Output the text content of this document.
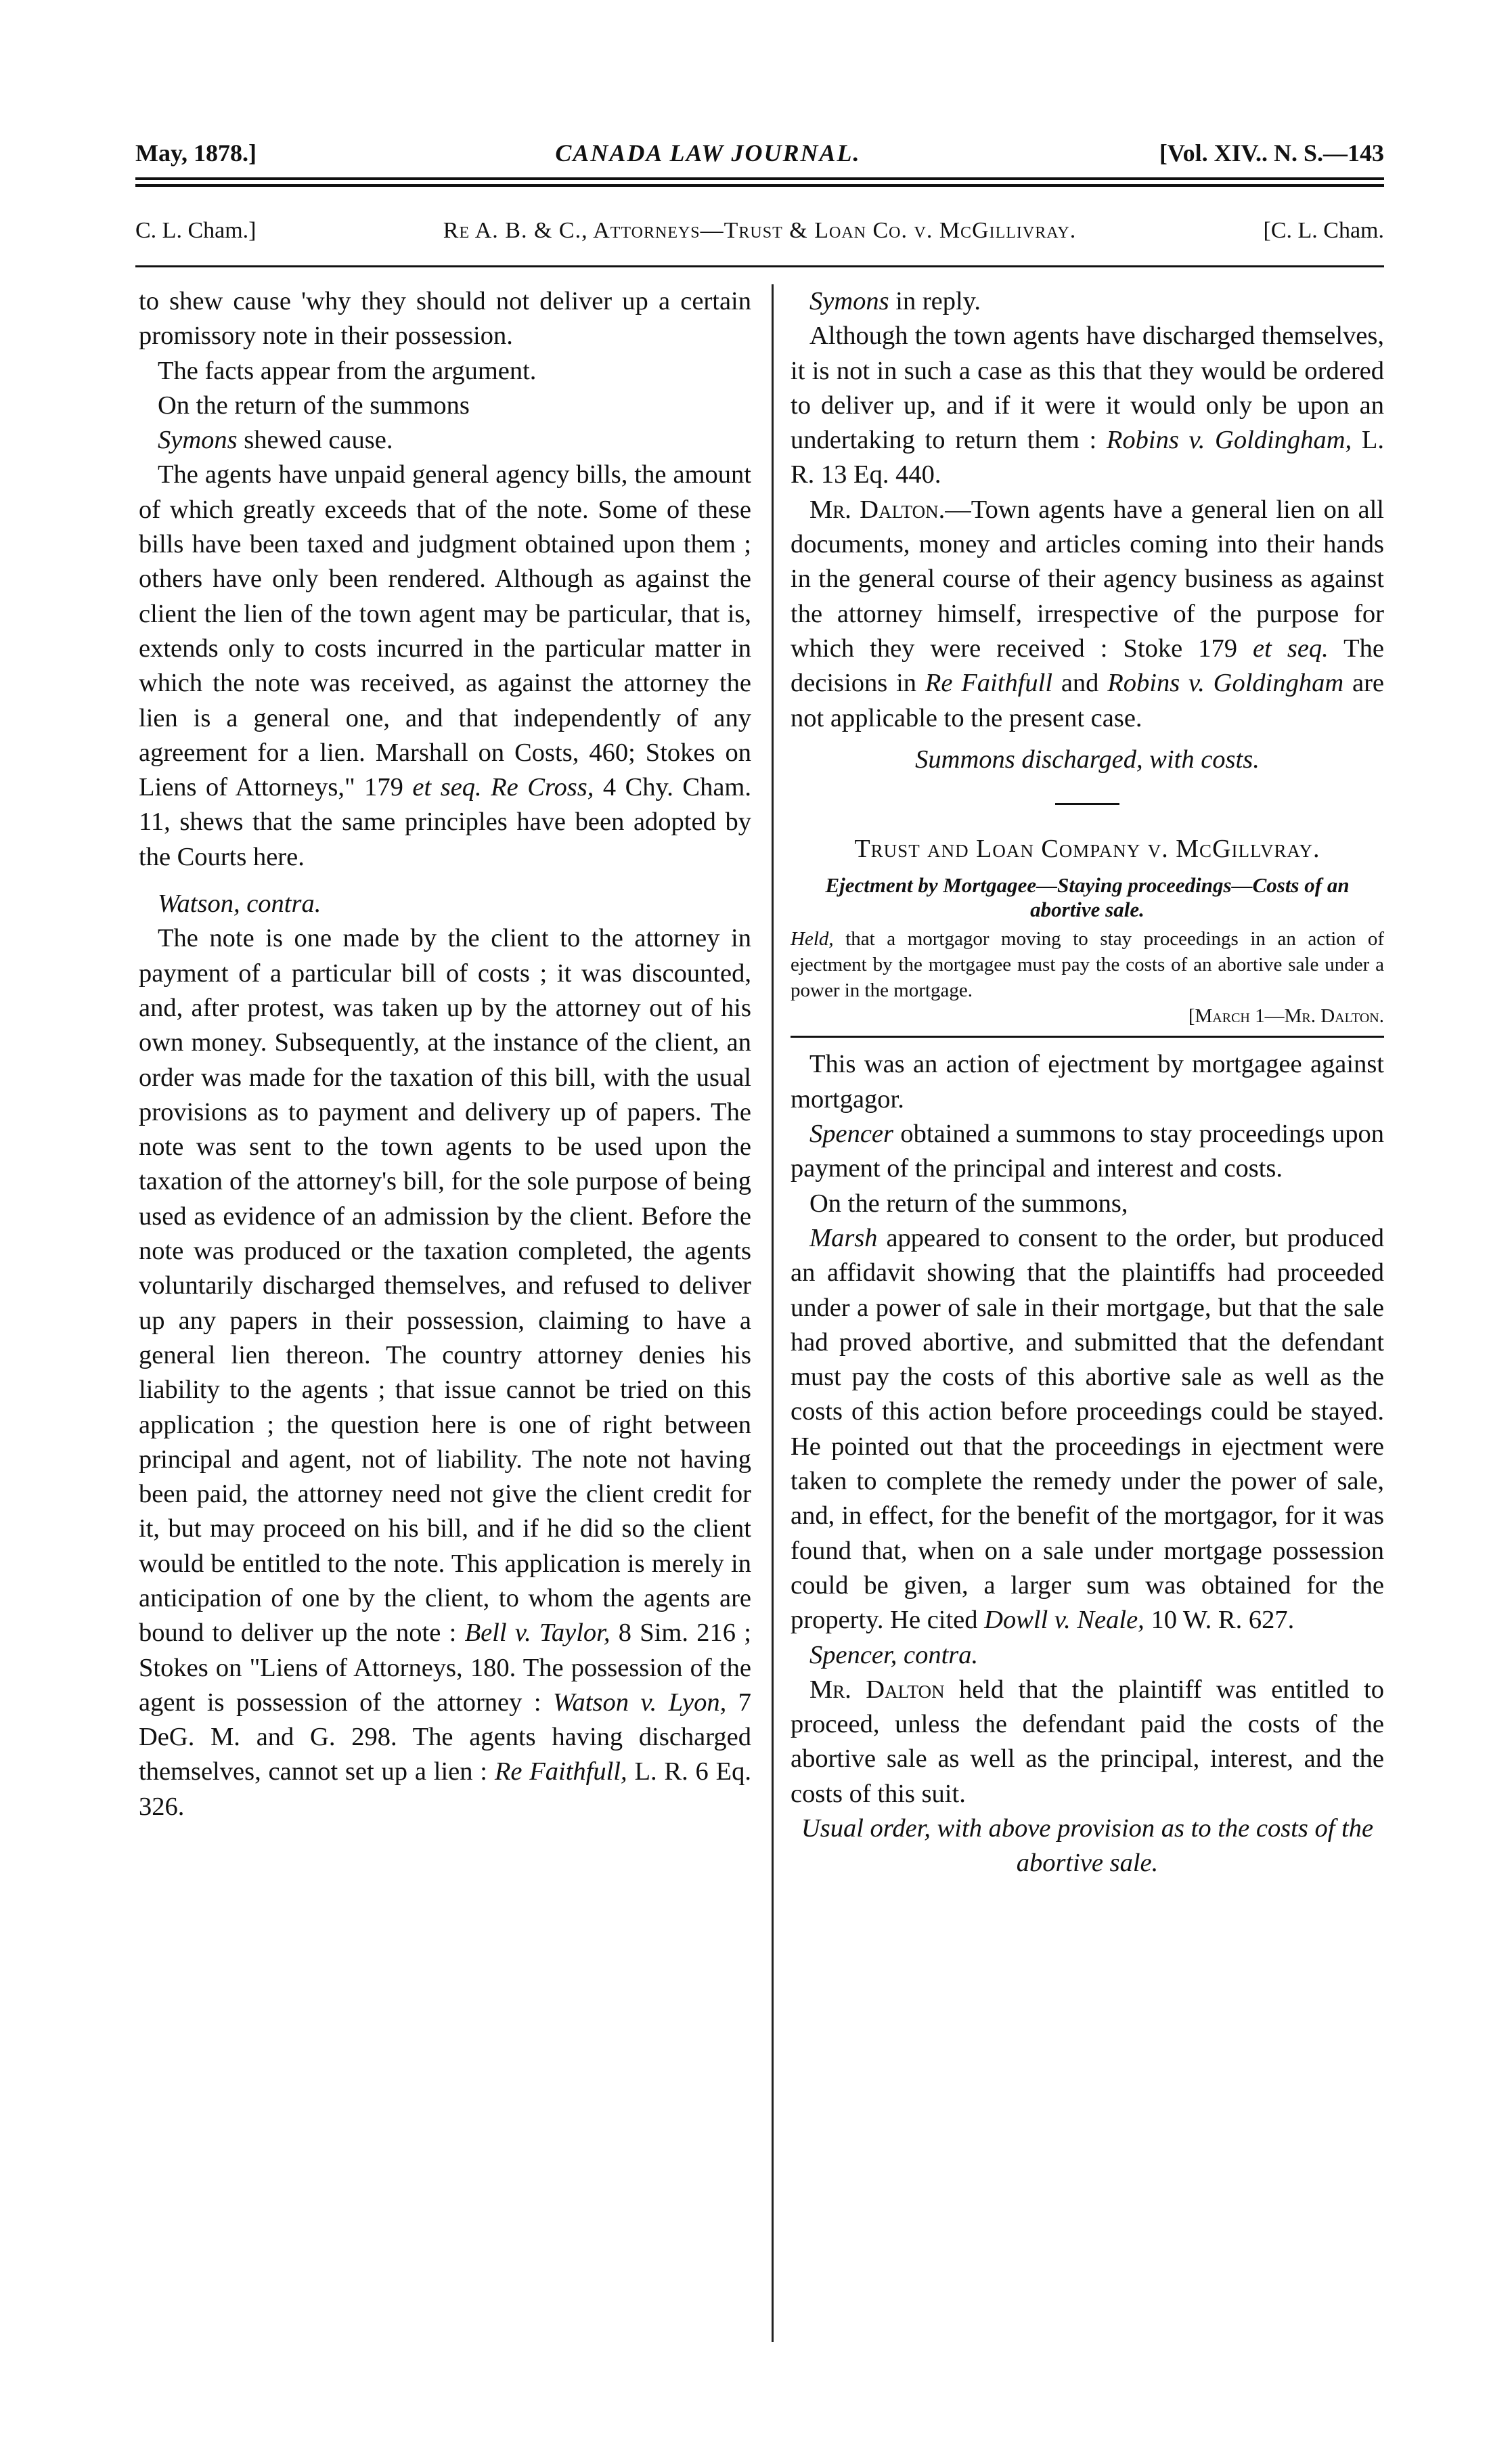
May, 1878.]	CANADA LAW JOURNAL.	[Vol. XIV.. N. S.—143
C. L. Cham.]	Re A. B. & C., Attorneys—Trust & Loan Co. v. McGillivray.	[C. L. Cham.

to shew cause 'why they should not deliver up a certain promissory note in their possession.

The facts appear from the argument.

On the return of the summons

Symons shewed cause.

The agents have unpaid general agency bills, the amount of which greatly exceeds that of the note. Some of these bills have been taxed and judgment obtained upon them ; others have only been rendered. Although as against the client the lien of the town agent may be particular, that is, extends only to costs incurred in the particular matter in which the note was received, as against the attorney the lien is a general one, and that independently of any agreement for a lien. Marshall on Costs, 460; Stokes on Liens of Attorneys," 179 et seq. Re Cross, 4 Chy. Cham. 11, shews that the same principles have been adopted by the Courts here.

Watson, contra.

The note is one made by the client to the attorney in payment of a particular bill of costs ; it was discounted, and, after protest, was taken up by the attorney out of his own money. Subsequently, at the instance of the client, an order was made for the taxation of this bill, with the usual provisions as to payment and delivery up of papers. The note was sent to the town agents to be used upon the taxation of the attorney's bill, for the sole purpose of being used as evidence of an admission by the client. Before the note was produced or the taxation completed, the agents voluntarily discharged themselves, and refused to deliver up any papers in their possession, claiming to have a general lien thereon. The country attorney denies his liability to the agents ; that issue cannot be tried on this application ; the question here is one of right between principal and agent, not of liability. The note not having been paid, the attorney need not give the client credit for it, but may proceed on his bill, and if he did so the client would be entitled to the note. This application is merely in anticipation of one by the client, to whom the agents are bound to deliver up the note : Bell v. Taylor, 8 Sim. 216 ; Stokes on "Liens of Attorneys, 180. The possession of the agent is possession of the attorney : Watson v. Lyon, 7 DeG. M. and G. 298. The agents having discharged themselves, cannot set up a lien : Re Faithfull, L. R. 6 Eq. 326.

Symons in reply.

Although the town agents have discharged themselves, it is not in such a case as this that they would be ordered to deliver up, and if it were it would only be upon an undertaking to return them : Robins v. Goldingham, L. R. 13 Eq. 440.

Mr. Dalton.—Town agents have a general lien on all documents, money and articles coming into their hands in the general course of their agency business as against the attorney himself, irrespective of the purpose for which they were received : Stoke 179 et seq. The decisions in Re Faithfull and Robins v. Goldingham are not applicable to the present case.

Summons discharged, with costs.

Trust and Loan Company v. McGillvray.

Ejectment by Mortgagee—Staying proceedings—Costs of an abortive sale.

Held, that a mortgagor moving to stay proceedings in an action of ejectment by the mortgagee must pay the costs of an abortive sale under a power in the mortgage.

[March 1—Mr. Dalton.

This was an action of ejectment by mortgagee against mortgagor.

Spencer obtained a summons to stay proceedings upon payment of the principal and interest and costs.

On the return of the summons,

Marsh appeared to consent to the order, but produced an affidavit showing that the plaintiffs had proceeded under a power of sale in their mortgage, but that the sale had proved abortive, and submitted that the defendant must pay the costs of this abortive sale as well as the costs of this action before proceedings could be stayed. He pointed out that the proceedings in ejectment were taken to complete the remedy under the power of sale, and, in effect, for the benefit of the mortgagor, for it was found that, when on a sale under mortgage possession could be given, a larger sum was obtained for the property. He cited Dowll v. Neale, 10 W. R. 627.

Spencer, contra.

Mr. Dalton held that the plaintiff was entitled to proceed, unless the defendant paid the costs of the abortive sale as well as the principal, interest, and the costs of this suit.

Usual order, with above provision as to the costs of the abortive sale.
